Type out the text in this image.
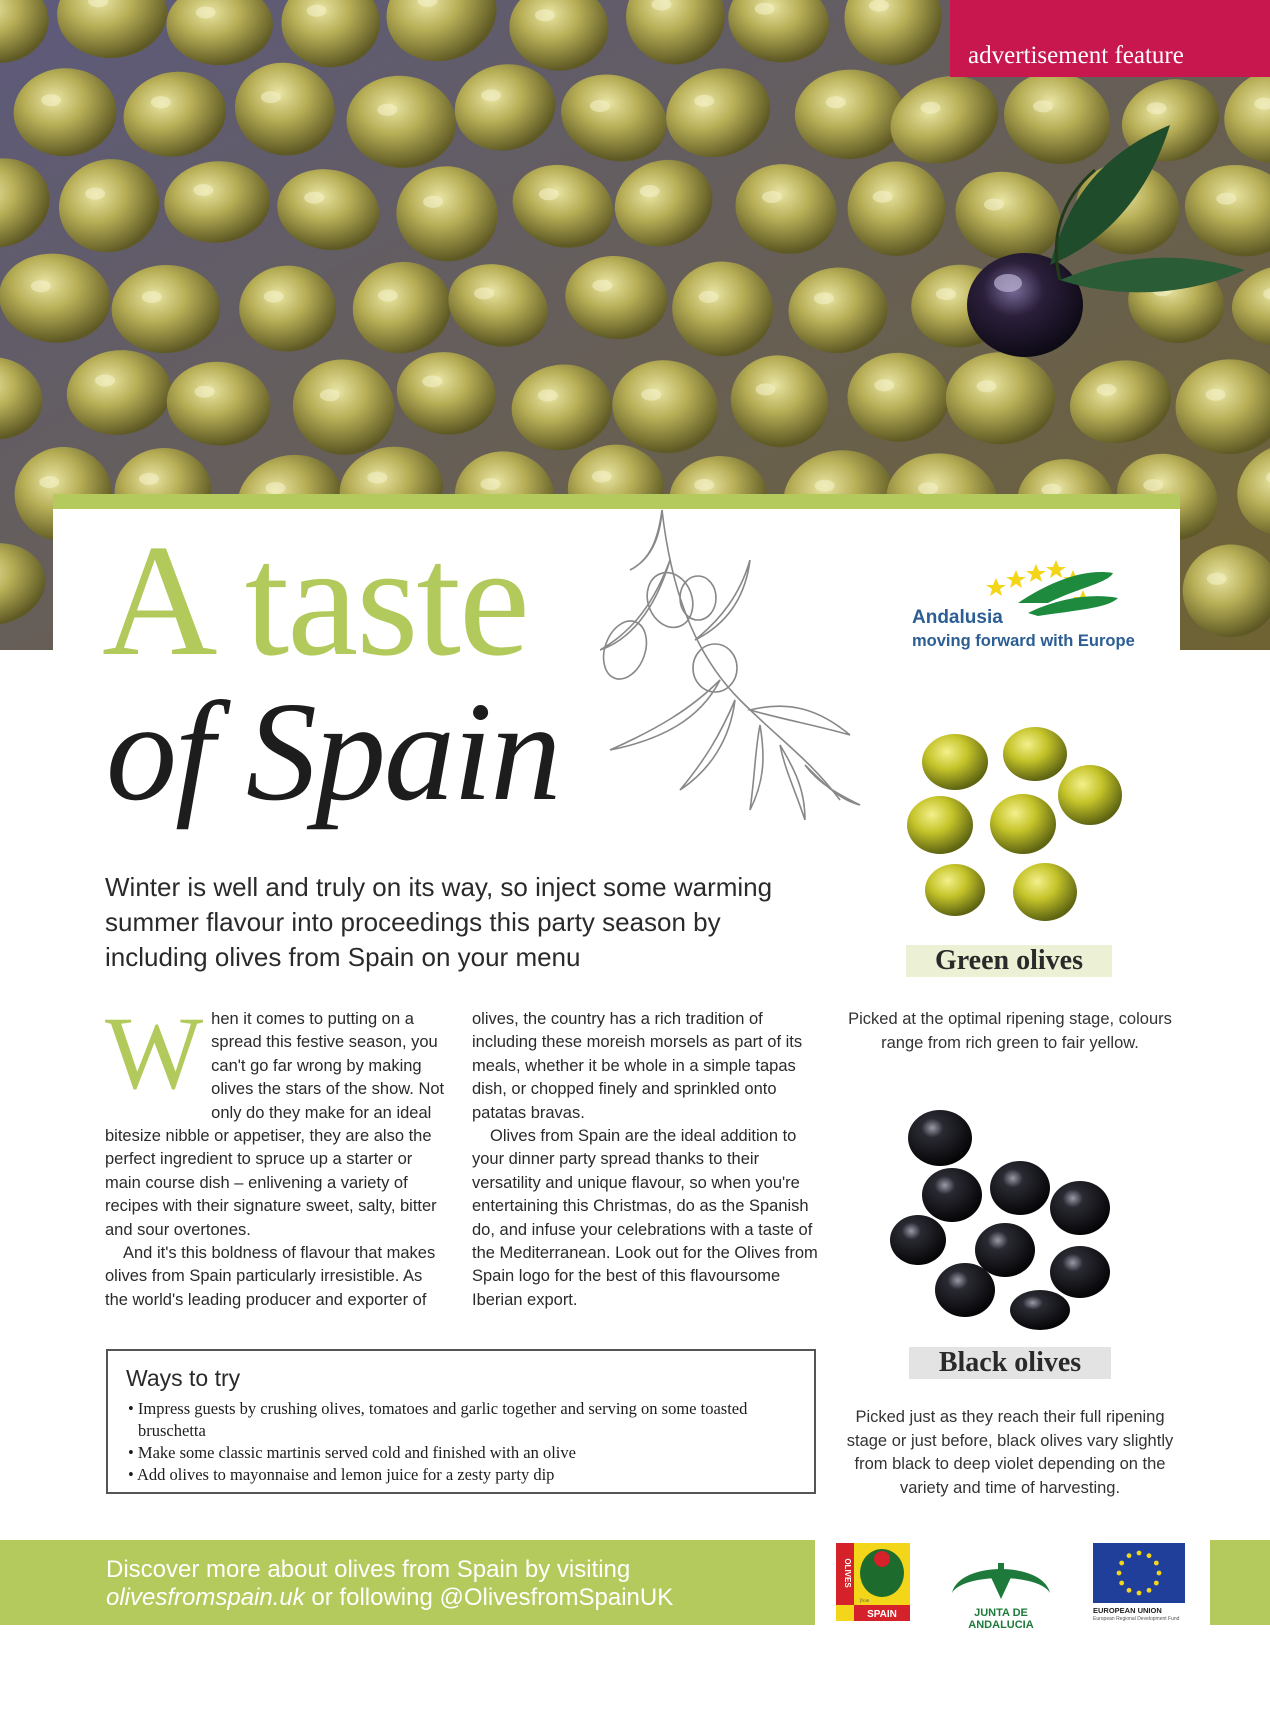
advertisement feature
A taste
of Spain
Andalusia
moving forward with Europe
Winter is well and truly on its way, so inject some warming summer flavour into proceedings this party season by including olives from Spain on your menu
W hen it comes to putting on a spread this festive season, you can't go far wrong by making olives the stars of the show. Not only do they make for an ideal bitesize nibble or appetiser, they are also the perfect ingredient to spruce up a starter or main course dish – enlivening a variety of recipes with their signature sweet, salty, bitter and sour overtones.
And it's this boldness of flavour that makes olives from Spain particularly irresistible. As the world's leading producer and exporter of
olives, the country has a rich tradition of including these moreish morsels as part of its meals, whether it be whole in a simple tapas dish, or chopped finely and sprinkled onto patatas bravas.
Olives from Spain are the ideal addition to your dinner party spread thanks to their versatility and unique flavour, so when you're entertaining this Christmas, do as the Spanish do, and infuse your celebrations with a taste of the Mediterranean. Look out for the Olives from Spain logo for the best of this flavoursome Iberian export.
Ways to try
• Impress guests by crushing olives, tomatoes and garlic together and serving on some toasted bruschetta
• Make some classic martinis served cold and finished with an olive
• Add olives to mayonnaise and lemon juice for a zesty party dip
Green olives
Picked at the optimal ripening stage, colours range from rich green to fair yellow.
Black olives
Picked just as they reach their full ripening stage or just before, black olives vary slightly from black to deep violet depending on the variety and time of harvesting.
Discover more about olives from Spain by visiting
olivesfromspain.uk or following @OlivesfromSpainUK
OLIVES
from
SPAIN	JUNTA DE ANDALUCIA
EUROPEAN UNION
European Regional Development Fund
